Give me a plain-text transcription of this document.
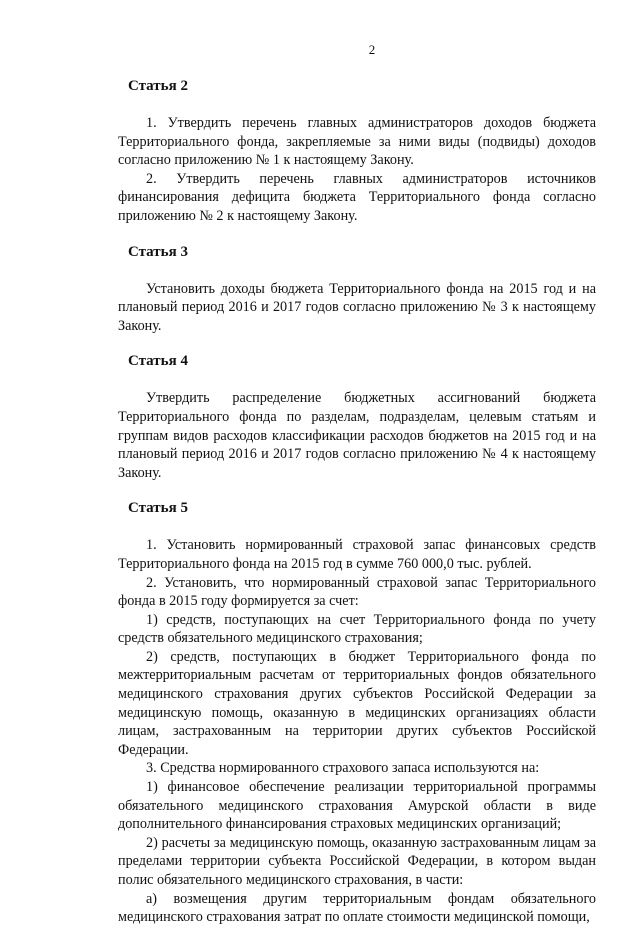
2
Статья 2

1. Утвердить перечень главных администраторов доходов бюджета Территориального фонда, закрепляемые за ними виды (подвиды) доходов согласно приложению № 1 к настоящему Закону.

2. Утвердить перечень главных администраторов источников финансирования дефицита бюджета Территориального фонда согласно приложению № 2 к настоящему Закону.

Статья 3

Установить доходы бюджета Территориального фонда на 2015 год и на плановый период 2016 и 2017 годов согласно приложению № 3 к настоящему Закону.

Статья 4

Утвердить распределение бюджетных ассигнований бюджета Территориального фонда по разделам, подразделам, целевым статьям и группам видов расходов классификации расходов бюджетов на 2015 год и на плановый период 2016 и 2017 годов согласно приложению № 4 к настоящему Закону.

Статья 5

1. Установить нормированный страховой запас финансовых средств Территориального фонда на 2015 год в сумме 760 000,0 тыс. рублей.

2. Установить, что нормированный страховой запас Территориального фонда в 2015 году формируется за счет:

1) средств, поступающих на счет Территориального фонда по учету средств обязательного медицинского страхования;

2) средств, поступающих в бюджет Территориального фонда по межтерриториальным расчетам от территориальных фондов обязательного медицинского страхования других субъектов Российской Федерации за медицинскую помощь, оказанную в медицинских организациях области лицам, застрахованным на территории других субъектов Российской Федерации.

3. Средства нормированного страхового запаса используются на:

1) финансовое обеспечение реализации территориальной программы обязательного медицинского страхования Амурской области в виде дополнительного финансирования страховых медицинских организаций;

2) расчеты за медицинскую помощь, оказанную застрахованным лицам за пределами территории субъекта Российской Федерации, в котором выдан полис обязательного медицинского страхования, в части:

а) возмещения другим территориальным фондам обязательного медицинского страхования затрат по оплате стоимости медицинской помощи,
